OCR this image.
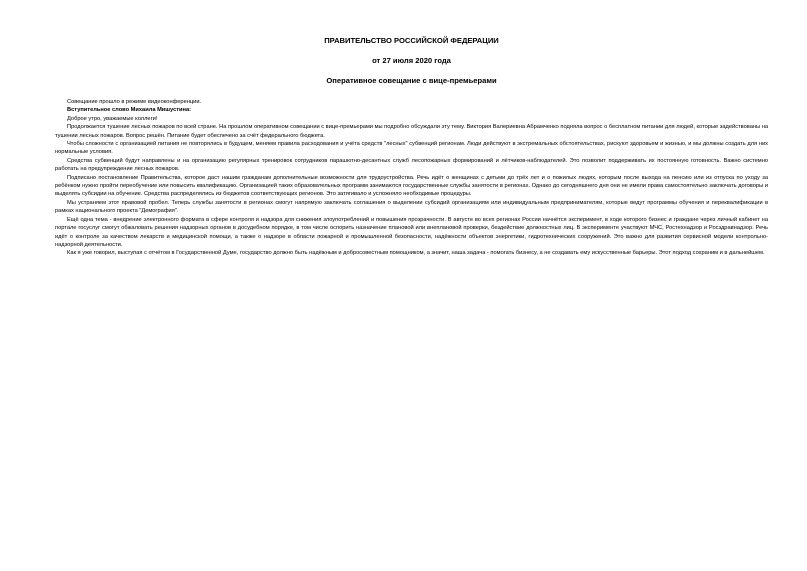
ПРАВИТЕЛЬСТВО РОССИЙСКОЙ ФЕДЕРАЦИИ

от 27 июля 2020 года

Оперативное совещание с вице-премьерами

Совещание прошло в режиме видеоконференции.

Вступительное слово Михаила Мишустина:

Доброе утро, уважаемые коллеги!

Продолжается тушение лесных пожаров по всей стране. На прошлом оперативном совещании с вице-премьерами мы подробно обсуждали эту тему. Виктория Валериевна Абрамченко подняла вопрос о бесплатном питании для людей, которые задействованы на тушении лесных пожаров. Вопрос решён. Питание будет обеспечено за счёт федерального бюджета.

Чтобы сложности с организацией питания не повторялись в будущем, меняем правила расходования и учёта средств "лесных" субвенций регионам. Люди действуют в экстремальных обстоятельствах, рискуют здоровьем и жизнью, и мы должны создать для них нормальные условия.

Средства субвенций будут направлены и на организацию регулярных тренировок сотрудников парашютно-десантных служб лесопожарных формирований и лётчиков-наблюдателей. Это позволит поддерживать их постоянную готовность. Важно системно работать на предупреждение лесных пожаров.

Подписано постановление Правительства, которое даст нашим гражданам дополнительные возможности для трудоустройства. Речь идёт о женщинах с детьми до трёх лет и о пожилых людях, которым после выхода на пенсию или из отпуска по уходу за ребёнком нужно пройти переобучение или повысить квалификацию. Организацией таких образовательных программ занимаются государственные службы занятости в регионах. Однако до сегодняшнего дня они не имели права самостоятельно заключать договоры и выделять субсидии на обучение. Средства распределялись из бюджетов соответствующих регионов. Это затягивало и усложняло необходимые процедуры.

Мы устраняем этот правовой пробел. Теперь службы занятости в регионах смогут напрямую заключать соглашения о выделении субсидий организациям или индивидуальным предпринимателям, которые ведут программы обучения и переквалификации в рамках национального проекта "Демография".

Ещё одна тема - внедрение электронного формата в сфере контроля и надзора для снижения злоупотреблений и повышения прозрачности. В августе во всех регионах России начнётся эксперимент, в ходе которого бизнес и граждане через личный кабинет на портале госуслуг смогут обжаловать решения надзорных органов в досудебном порядке, в том числе оспорить назначение плановой или внеплановой проверки, бездействие должностных лиц. В эксперименте участвуют МЧС, Ростехнадзор и Росздравнадзор. Речь идёт о контроле за качеством лекарств и медицинской помощи, а также о надзоре в области пожарной и промышленной безопасности, надёжности объектов энергетики, гидротехнических сооружений. Это важно для развития сервисной модели контрольно-надзорной деятельности.

Как я уже говорил, выступая с отчётом в Государственной Думе, государство должно быть надёжным и добросовестным помощником, а значит, наша задача - помогать бизнесу, а не создавать ему искусственные барьеры. Этот подход сохраним и в дальнейшем.
